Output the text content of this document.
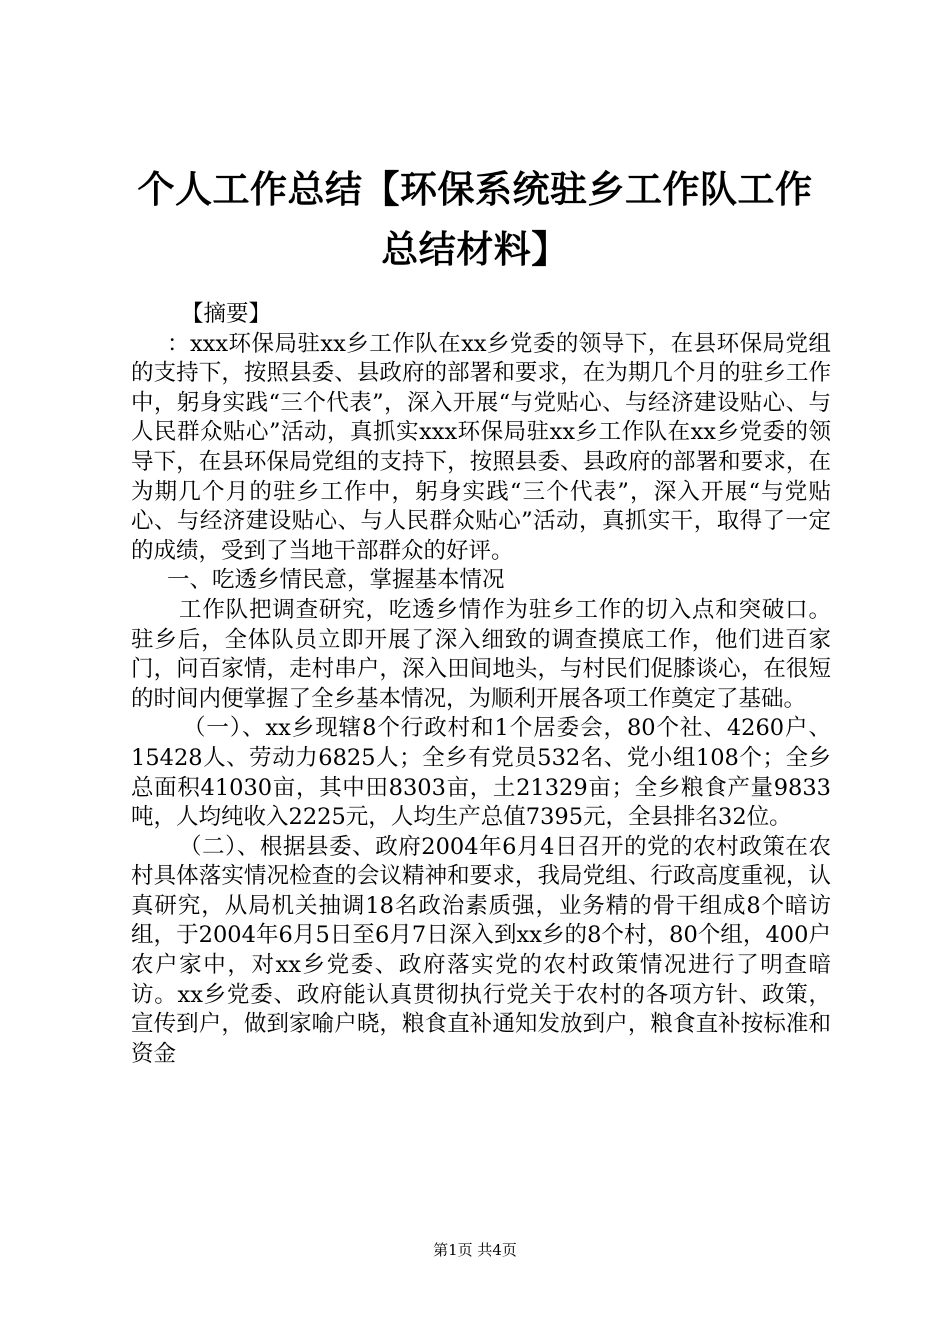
个人工作总结【环保系统驻乡工作队工作总结材料】

【摘要】

：xxx环保局驻xx乡工作队在xx乡党委的领导下，在县环保局党组的支持下，按照县委、县政府的部署和要求，在为期几个月的驻乡工作中，躬身实践“三个代表”，深入开展“与党贴心、与经济建设贴心、与人民群众贴心”活动，真抓实xxx环保局驻xx乡工作队在xx乡党委的领导下，在县环保局党组的支持下，按照县委、县政府的部署和要求，在为期几个月的驻乡工作中，躬身实践“三个代表”，深入开展“与党贴心、与经济建设贴心、与人民群众贴心”活动，真抓实干，取得了一定的成绩，受到了当地干部群众的好评。

一、吃透乡情民意，掌握基本情况

工作队把调查研究，吃透乡情作为驻乡工作的切入点和突破口。驻乡后，全体队员立即开展了深入细致的调查摸底工作，他们进百家门，问百家情，走村串户，深入田间地头，与村民们促膝谈心，在很短的时间内便掌握了全乡基本情况，为顺利开展各项工作奠定了基础。

（一）、xx乡现辖8个行政村和1个居委会，80个社、4260户、15428人、劳动力6825人；全乡有党员532名、党小组108个；全乡总面积41030亩，其中田8303亩，土21329亩；全乡粮食产量9833吨，人均纯收入2225元，人均生产总值7395元，全县排名32位。

（二）、根据县委、政府2004年6月4日召开的党的农村政策在农村具体落实情况检查的会议精神和要求，我局党组、行政高度重视，认真研究，从局机关抽调18名政治素质强，业务精的骨干组成8个暗访组，于2004年6月5日至6月7日深入到xx乡的8个村，80个组，400户农户家中，对xx乡党委、政府落实党的农村政策情况进行了明查暗访。xx乡党委、政府能认真贯彻执行党关于农村的各项方针、政策，宣传到户，做到家喻户晓，粮食直补通知发放到户，粮食直补按标准和资金

第1页 共4页
